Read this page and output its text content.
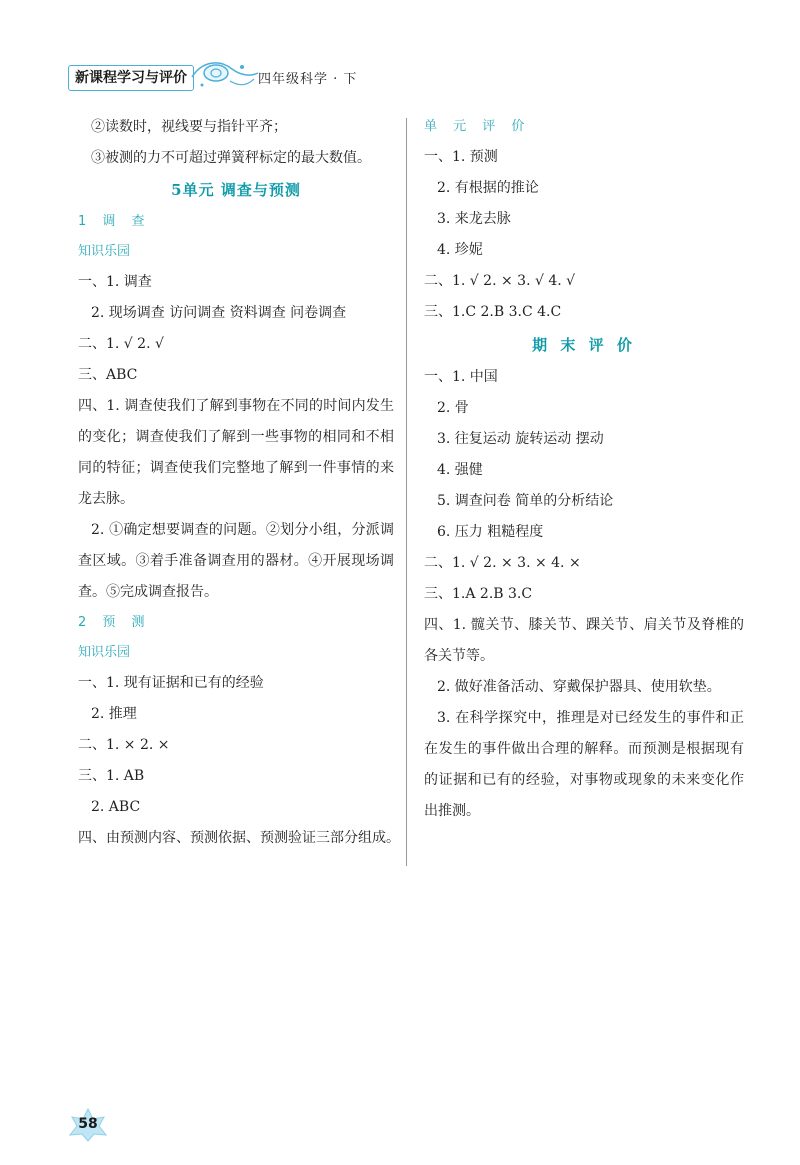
新课程学习与评价	四年级科学 · 下
②读数时，视线要与指针平齐；
③被测的力不可超过弹簧秤标定的最大数值。
5单元 调查与预测
1 调 查
知识乐园
一、1. 调查
2. 现场调查 访问调查 资料调查 问卷调查
二、1. √ 2. √
三、ABC
四、1. 调查使我们了解到事物在不同的时间内发生的变化；调查使我们了解到一些事物的相同和不相同的特征；调查使我们完整地了解到一件事情的来龙去脉。
2. ①确定想要调查的问题。②划分小组，分派调查区域。③着手准备调查用的器材。④开展现场调查。⑤完成调查报告。
2 预 测
知识乐园
一、1. 现有证据和已有的经验
2. 推理
二、1. × 2. ×
三、1. AB
2. ABC
四、由预测内容、预测依据、预测验证三部分组成。
单 元 评 价
一、1. 预测
2. 有根据的推论
3. 来龙去脉
4. 珍妮
二、1. √ 2. × 3. √ 4. √
三、1.C 2.B 3.C 4.C
期 末 评 价
一、1. 中国
2. 骨
3. 往复运动 旋转运动 摆动
4. 强健
5. 调查问卷 简单的分析结论
6. 压力 粗糙程度
二、1. √ 2. × 3. × 4. ×
三、1.A 2.B 3.C
四、1. 髋关节、膝关节、踝关节、肩关节及脊椎的各关节等。
2. 做好准备活动、穿戴保护器具、使用软垫。
3. 在科学探究中，推理是对已经发生的事件和正在发生的事件做出合理的解释。而预测是根据现有的证据和已有的经验，对事物或现象的未来变化作出推测。
58
